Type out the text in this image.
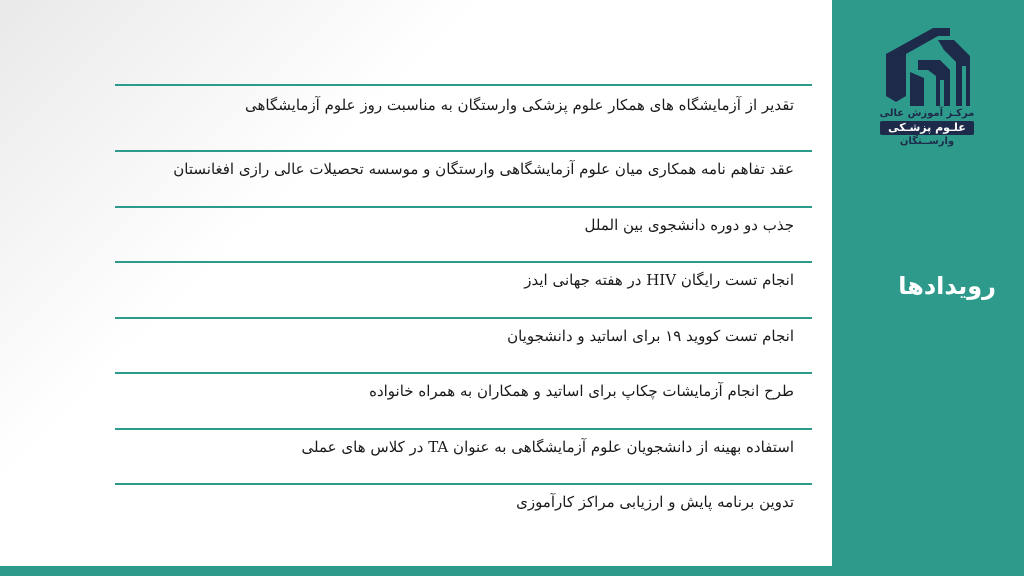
تقدیر از آزمایشگاه های همکار علوم پزشکی وارستگان به مناسبت روز علوم آزمایشگاهی
عقد تفاهم نامه همکاری میان علوم آزمایشگاهی وارستگان و موسسه تحصیلات عالی رازی افغانستان
جذب دو دوره دانشجوی بین الملل
انجام تست رایگان HIV در هفته جهانی ایدز
انجام تست کووید ۱۹ برای اساتید و دانشجویان
طرح انجام آزمایشات چکاپ برای اساتید و همکاران به همراه خانواده
استفاده بهینه از دانشجویان علوم آزمایشگاهی به عنوان TA در کلاس های عملی
تدوین برنامه پایش و ارزیابی مراکز کارآموزی
مرکـز آموزش عالی
علـوم پزشـکی
وارســتگان
رویدادها
